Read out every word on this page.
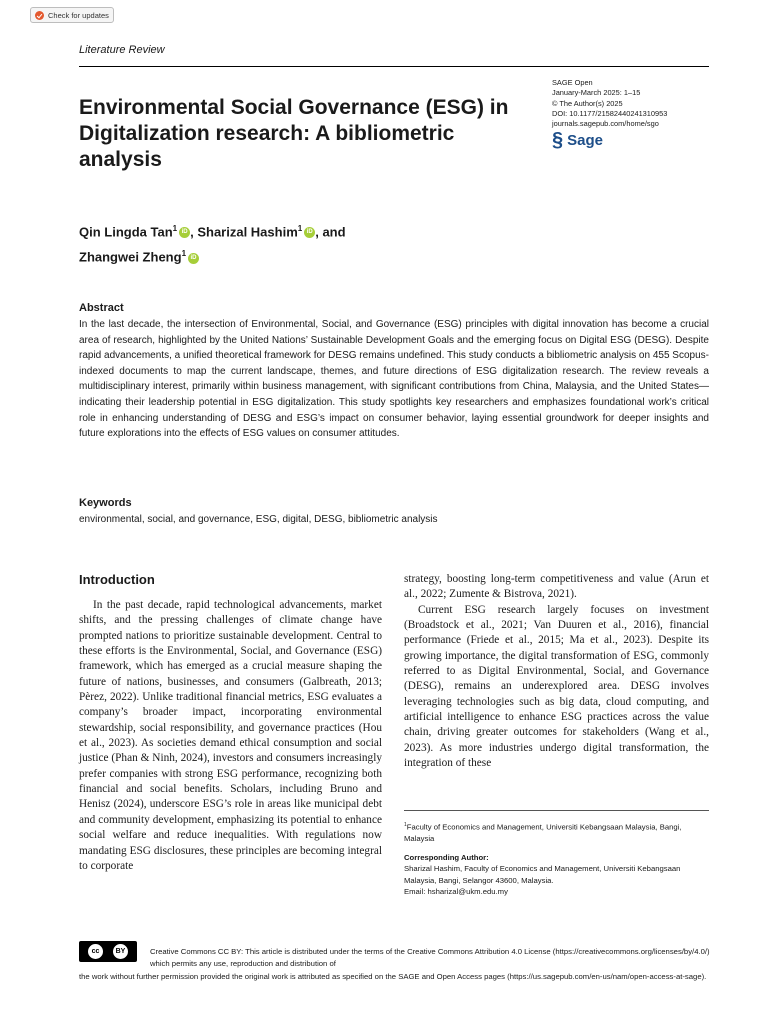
Check for updates
Literature Review
Environmental Social Governance (ESG) in Digitalization research: A bibliometric analysis
SAGE Open
January-March 2025: 1–15
© The Author(s) 2025
DOI: 10.1177/21582440241310953
journals.sagepub.com/home/sgo
§ Sage
Qin Lingda Tan$^1$ iD , Sharizal Hashim$^1$ iD , and
Zhangwei Zheng$^1$ iD
Abstract
In the last decade, the intersection of Environmental, Social, and Governance (ESG) principles with digital innovation has become a crucial area of research, highlighted by the United Nations’ Sustainable Development Goals and the emerging focus on Digital ESG (DESG). Despite rapid advancements, a unified theoretical framework for DESG remains undefined. This study conducts a bibliometric analysis on 455 Scopus-indexed documents to map the current landscape, themes, and future directions of ESG digitalization research. The review reveals a multidisciplinary interest, primarily within business management, with significant contributions from China, Malaysia, and the United States—indicating their leadership potential in ESG digitalization. This study spotlights key researchers and emphasizes foundational work’s critical role in enhancing understanding of DESG and ESG’s impact on consumer behavior, laying essential groundwork for deeper insights and future explorations into the effects of ESG values on consumer attitudes.
Keywords
environmental, social, and governance, ESG, digital, DESG, bibliometric analysis
Introduction

In the past decade, rapid technological advancements, market shifts, and the pressing challenges of climate change have prompted nations to prioritize sustainable development. Central to these efforts is the Environmental, Social, and Governance (ESG) framework, which has emerged as a crucial measure shaping the future of nations, businesses, and consumers (Galbreath, 2013; Pèrez, 2022). Unlike traditional financial metrics, ESG evaluates a company’s broader impact, incorporating environmental stewardship, social responsibility, and governance practices (Hou et al., 2023). As societies demand ethical consumption and social justice (Phan & Ninh, 2024), investors and consumers increasingly prefer companies with strong ESG performance, recognizing both financial and social benefits. Scholars, including Bruno and Henisz (2024), underscore ESG’s role in areas like municipal debt and community development, emphasizing its potential to enhance social welfare and reduce inequalities. With regulations now mandating ESG disclosures, these principles are becoming integral to corporate

strategy, boosting long-term competitiveness and value (Arun et al., 2022; Zumente & Bistrova, 2021).

Current ESG research largely focuses on investment (Broadstock et al., 2021; Van Duuren et al., 2016), financial performance (Friede et al., 2015; Ma et al., 2023). Despite its growing importance, the digital transformation of ESG, commonly referred to as Digital Environmental, Social, and Governance (DESG), remains an underexplored area. DESG involves leveraging technologies such as big data, cloud computing, and artificial intelligence to enhance ESG practices across the value chain, driving greater outcomes for stakeholders (Wang et al., 2023). As more industries undergo digital transformation, the integration of these

$^1$Faculty of Economics and Management, Universiti Kebangsaan Malaysia, Bangi, Malaysia
Corresponding Author:
Sharizal Hashim, Faculty of Economics and Management, Universiti Kebangsaan Malaysia, Bangi, Selangor 43600, Malaysia.
Email: hsharizal@ukm.edu.my
cc	BY	Creative Commons CC BY: This article is distributed under the terms of the Creative Commons Attribution 4.0 License (https://creativecommons.org/licenses/by/4.0/) which permits any use, reproduction and distribution of
the work without further permission provided the original work is attributed as specified on the SAGE and Open Access pages (https://us.sagepub.com/en-us/nam/open-access-at-sage).
